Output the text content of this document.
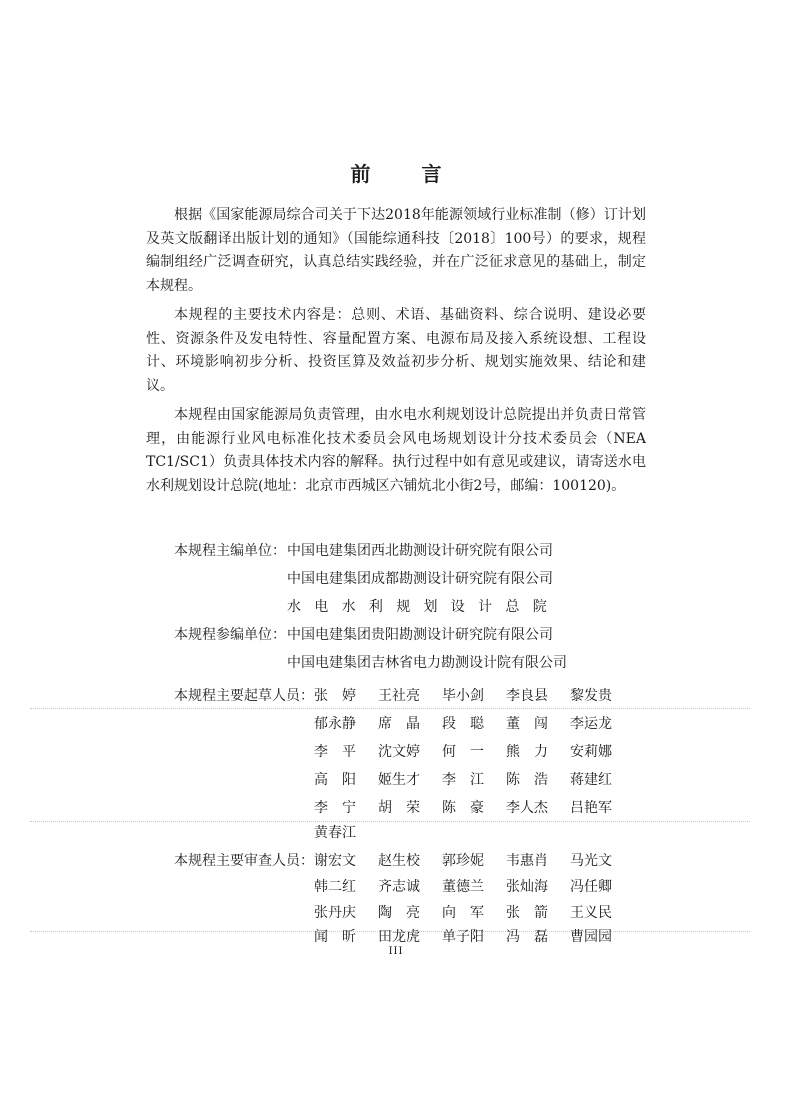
前 言

根据《国家能源局综合司关于下达2018年能源领域行业标准制（修）订计划及英文版翻译出版计划的通知》（国能综通科技〔2018〕100号）的要求，规程编制组经广泛调查研究，认真总结实践经验，并在广泛征求意见的基础上，制定本规程。

本规程的主要技术内容是：总则、术语、基础资料、综合说明、建设必要性、资源条件及发电特性、容量配置方案、电源布局及接入系统设想、工程设计、环境影响初步分析、投资匡算及效益初步分析、规划实施效果、结论和建议。

本规程由国家能源局负责管理，由水电水利规划设计总院提出并负责日常管理，由能源行业风电标准化技术委员会风电场规划设计分技术委员会（NEA TC1/SC1）负责具体技术内容的解释。执行过程中如有意见或建议，请寄送水电水利规划设计总院(地址：北京市西城区六铺炕北小街2号，邮编：100120)。

本规程主编单位： 中国电建集团西北勘测设计研究院有限公司
中国电建集团成都勘测设计研究院有限公司
水电水利规划设计总院
本规程参编单位： 中国电建集团贵阳勘测设计研究院有限公司
中国电建集团吉林省电力勘测设计院有限公司
本规程主要起草人员： 张　婷 王社亮 毕小剑 李良县 黎发贵
郁永静 席　晶 段　聪 董　闯 李运龙
李　平 沈文婷 何　一 熊　力 安莉娜
高　阳 姬生才 李　江 陈　浩 蒋建红
李　宁 胡　荣 陈　豪 李人杰 吕艳军
黄春江
本规程主要审查人员： 谢宏文 赵生校 郭珍妮 韦惠肖 马光文
韩二红 齐志诚 董德兰 张灿海 冯任卿
张丹庆 陶　亮 向　军 张　箭 王义民
闻　昕 田龙虎 单子阳 冯　磊 曹园园
III
